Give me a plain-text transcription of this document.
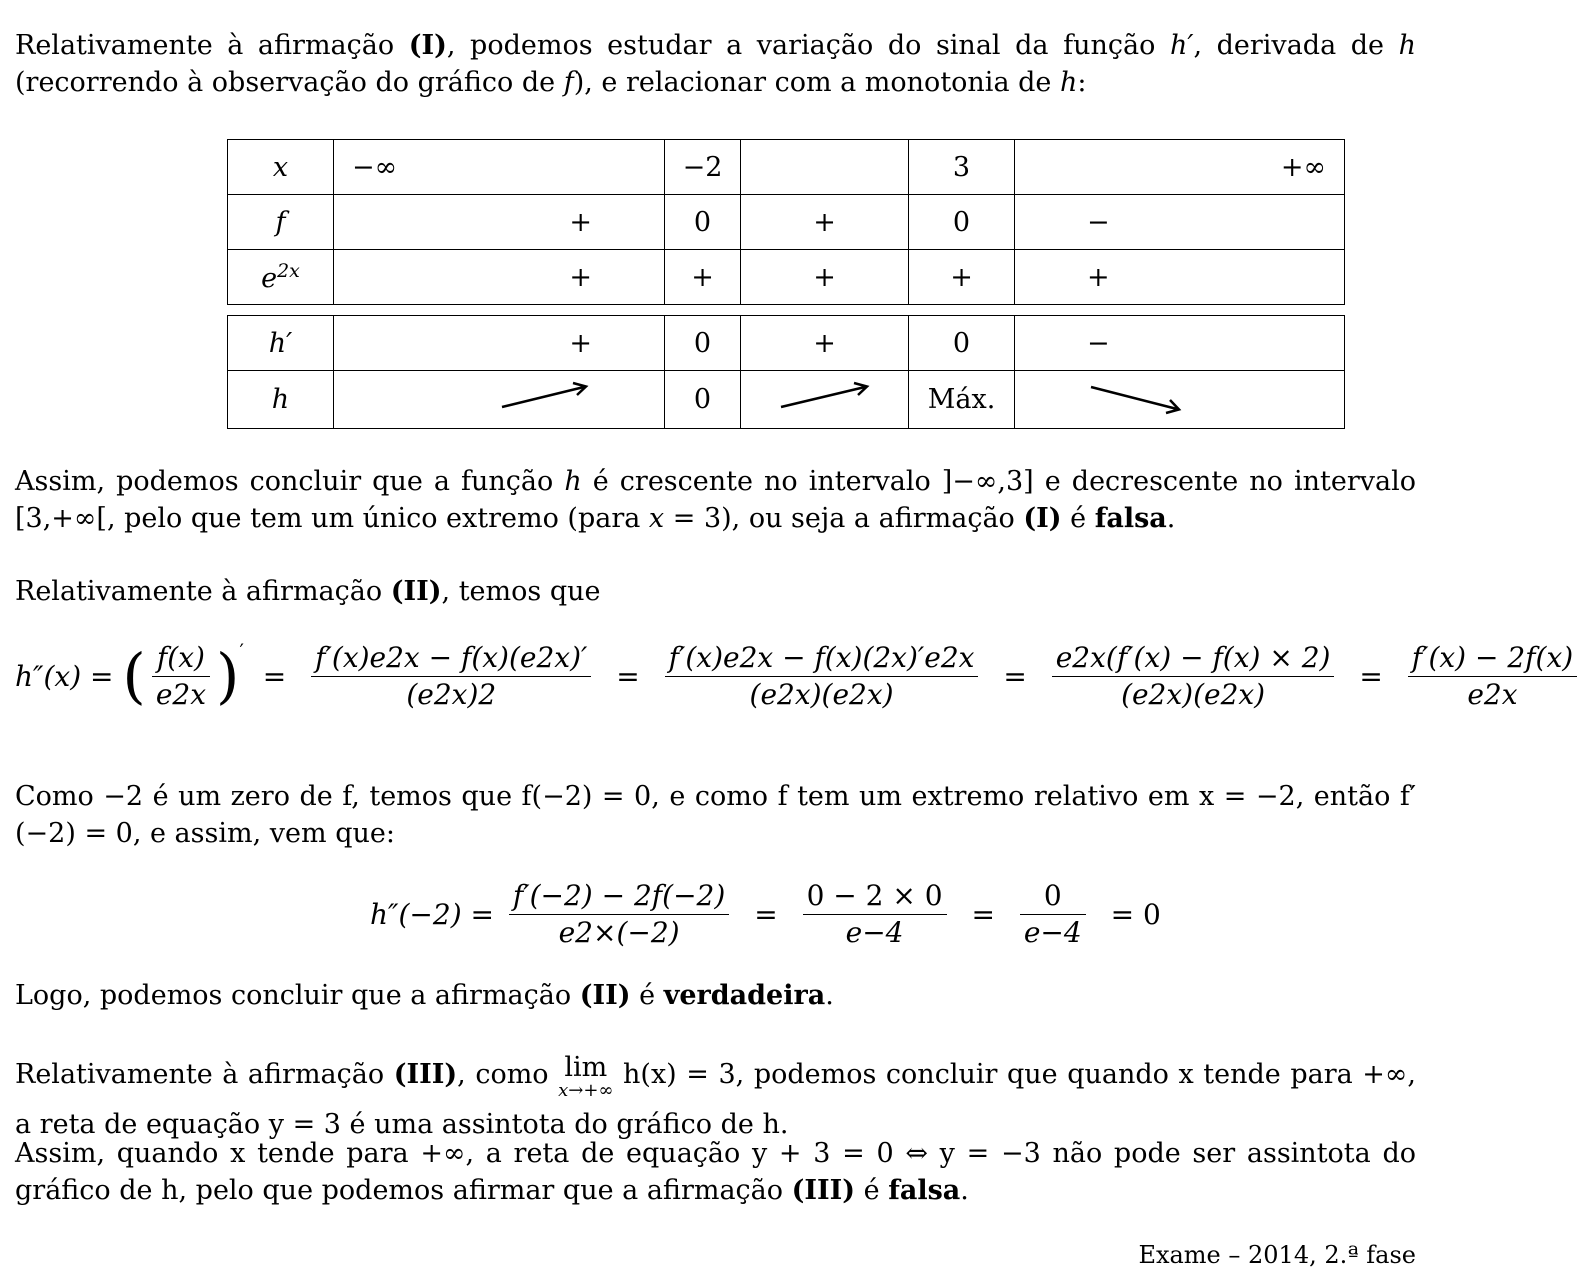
Relativamente à afirmação (I), podemos estudar a variação do sinal da função h′, derivada de h (recorrendo à observação do gráfico de f), e relacionar com a monotonia de h:
x	−∞	−2		3	+∞
f	+	0	+	0	−
$e^{2x}$	+	+	+	+	+
h′	+	0	+	0	−
h		0		Máx.	
Assim, podemos concluir que a função h é crescente no intervalo ]−∞,3] e decrescente no intervalo [3,+∞[, pelo que tem um único extremo (para x = 3), ou seja a afirmação (I) é falsa.
Relativamente à afirmação (II), temos que
h″(x) = ( $\frac{f(x)}{e2x} )' = \frac{f'(x)e2x - f(x)(e2x)'}{(e2x)2} = \frac{f'(x)e2x - f(x)(2x)'e2x}{(e2x)(e2x)} = \frac{e2x(f'(x) - f(x) \times 2)}{(e2x)(e2x)} = \frac{f'(x) - 2f(x)}{e2x}$
Como −2 é um zero de f, temos que f(−2) = 0, e como f tem um extremo relativo em x = −2, então f′(−2) = 0, e assim, vem que:
$h''(-2) = \frac{f'(-2) - 2f(-2)}{e2\times(-2)} = \frac{0 - 2 \times 0}{e-4} = \frac{0}{e-4} = 0$
Logo, podemos concluir que a afirmação (II) é verdadeira.
Relativamente à afirmação (III), como lim
x→+∞
h(x) = 3, podemos concluir que quando x tende para +∞, a reta de equação y = 3 é uma assintota do gráfico de h.
Assim, quando x tende para +∞, a reta de equação y + 3 = 0 ⇔ y = −3 não pode ser assintota do gráfico de h, pelo que podemos afirmar que a afirmação (III) é falsa.
Exame – 2014, 2.ª fase
